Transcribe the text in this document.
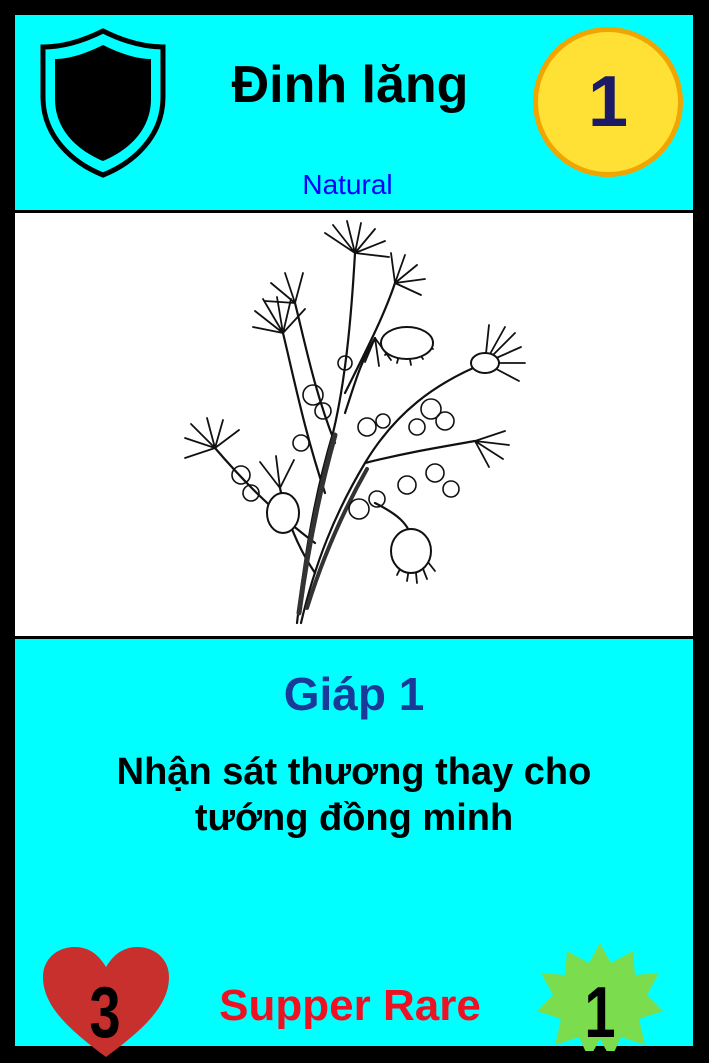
Đinh lăng	1
Natural
Giáp 1
Nhận sát thương thay cho
tướng đồng minh
3	Supper Rare	1
